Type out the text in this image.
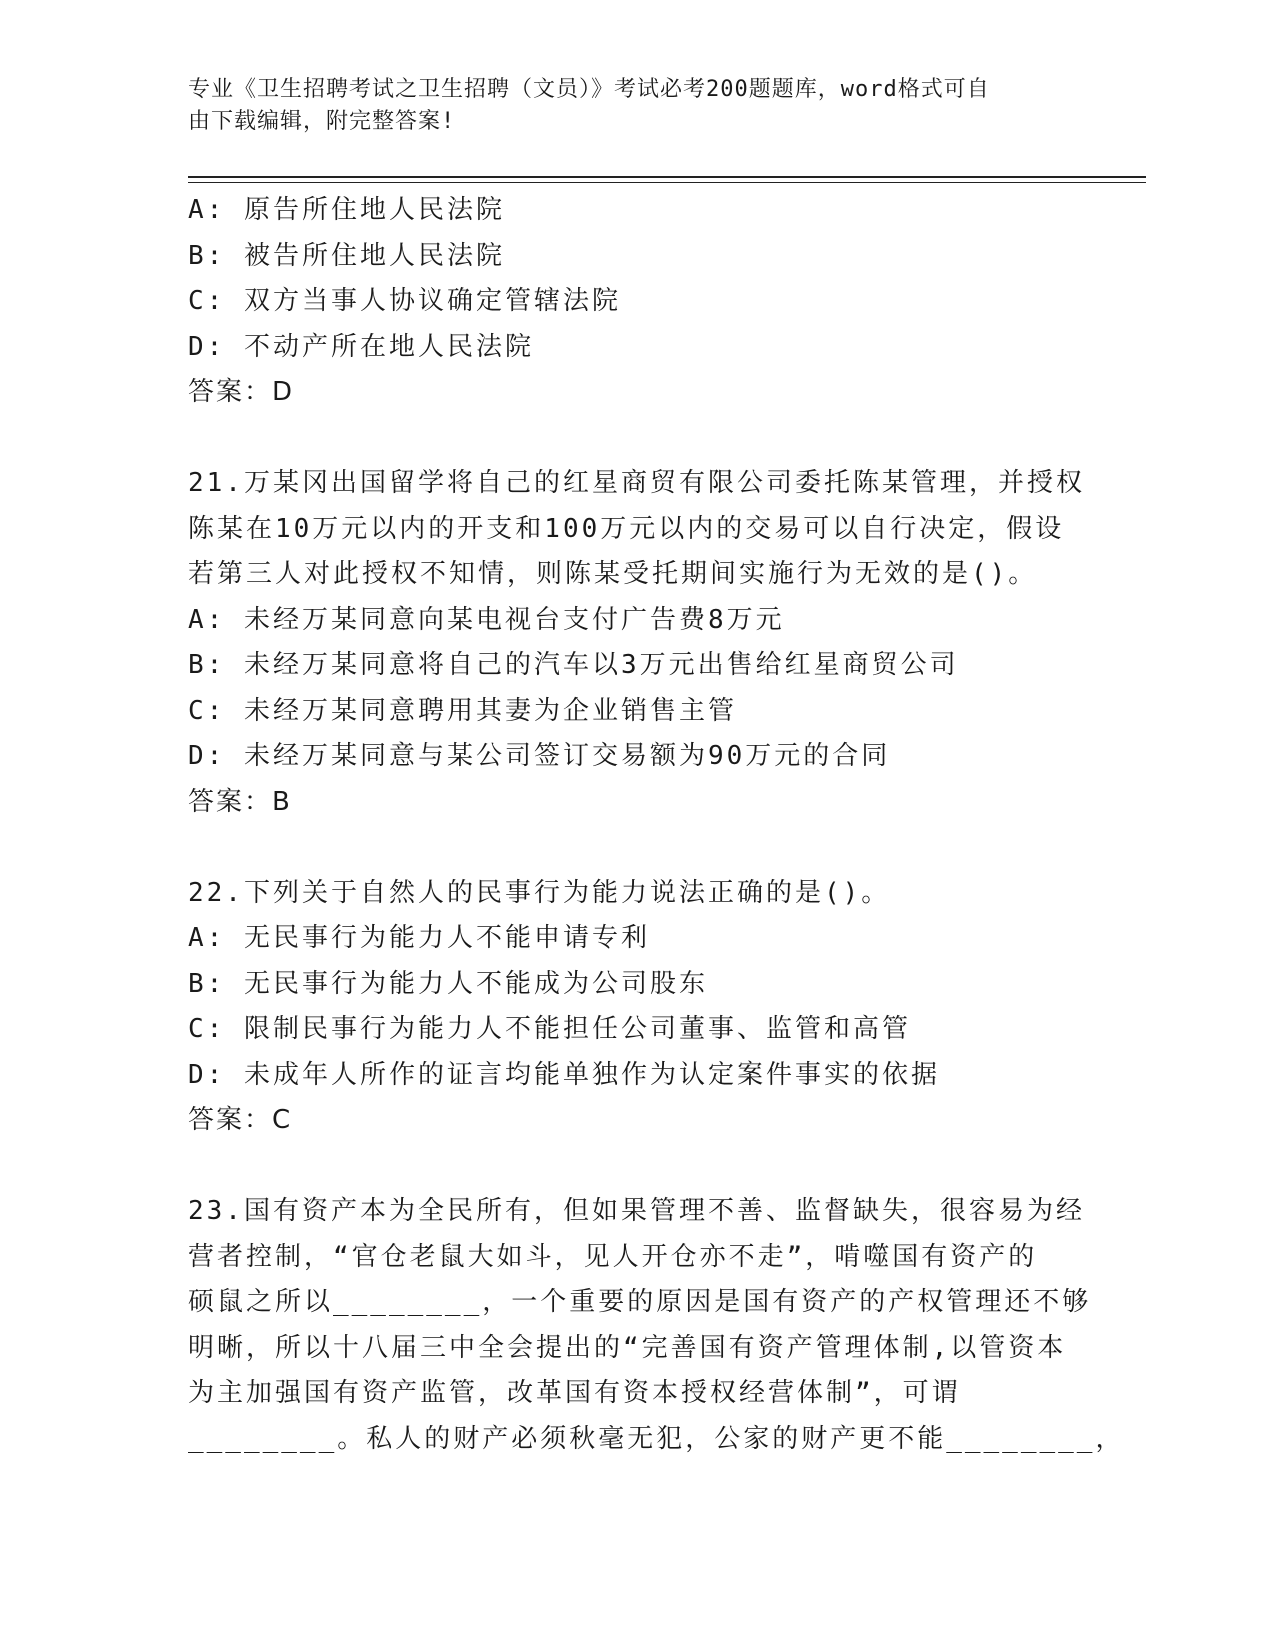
专业《卫生招聘考试之卫生招聘（文员）》考试必考200题题库，word格式可自
由下载编辑，附完整答案!
A: 原告所住地人民法院
B: 被告所住地人民法院
C: 双方当事人协议确定管辖法院
D: 不动产所在地人民法院
答案：D
21.万某冈出国留学将自己的红星商贸有限公司委托陈某管理，并授权
陈某在10万元以内的开支和100万元以内的交易可以自行决定，假设
若第三人对此授权不知情，则陈某受托期间实施行为无效的是()。
A: 未经万某同意向某电视台支付广告费8万元
B: 未经万某同意将自己的汽车以3万元出售给红星商贸公司
C: 未经万某同意聘用其妻为企业销售主管
D: 未经万某同意与某公司签订交易额为90万元的合同
答案：B
22.下列关于自然人的民事行为能力说法正确的是()。
A: 无民事行为能力人不能申请专利
B: 无民事行为能力人不能成为公司股东
C: 限制民事行为能力人不能担任公司董事、监管和高管
D: 未成年人所作的证言均能单独作为认定案件事实的依据
答案：C
23.国有资产本为全民所有，但如果管理不善、监督缺失，很容易为经
营者控制，“官仓老鼠大如斗，见人开仓亦不走”，啃噬国有资产的
硕鼠之所以________，一个重要的原因是国有资产的产权管理还不够
明晰，所以十八届三中全会提出的“完善国有资产管理体制,以管资本
为主加强国有资产监管，改革国有资本授权经营体制”，可谓
________。私人的财产必须秋毫无犯，公家的财产更不能________，
